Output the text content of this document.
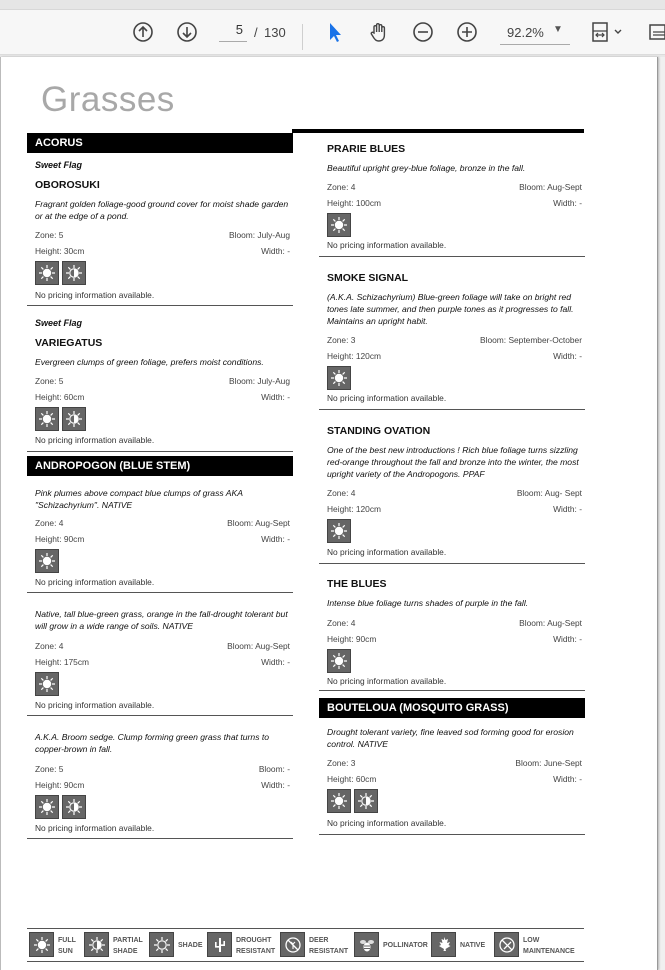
5 / 130	92.2% ▼
Grasses
ACORUS
Sweet Flag
OBOROSUKI
Fragrant golden foliage-good ground cover for moist shade garden or at the edge of a pond.
Zone: 5	Bloom: July-Aug
Height: 30cm	Width: -
No pricing information available.
Sweet Flag
VARIEGATUS
Evergreen clumps of green foliage, prefers moist conditions.
Zone: 5	Bloom: July-Aug
Height: 60cm	Width: -
No pricing information available.
ANDROPOGON (BLUE STEM)
Pink plumes above compact blue clumps of grass AKA "Schizachyrium". NATIVE
Zone: 4	Bloom: Aug-Sept
Height: 90cm	Width: -
No pricing information available.
Native, tall blue-green grass, orange in the fall-drought tolerant but will grow in a wide range of soils. NATIVE
Zone: 4	Bloom: Aug-Sept
Height: 175cm	Width: -
No pricing information available.
A.K.A. Broom sedge. Clump forming green grass that turns to copper-brown in fall.
Zone: 5	Bloom: -
Height: 90cm	Width: -
No pricing information available.
PRARIE BLUES
Beautiful upright grey-blue foliage, bronze in the fall.
Zone: 4	Bloom: Aug-Sept
Height: 100cm	Width: -
No pricing information available.
SMOKE SIGNAL
(A.K.A. Schizachyrium) Blue-green foliage will take on bright red tones late summer, and then purple tones as it progresses to fall. Maintains an upright habit.
Zone: 3	Bloom: September-October
Height: 120cm	Width: -
No pricing information available.
STANDING OVATION
One of the best new introductions ! Rich blue foliage turns sizzling red-orange throughout the fall and bronze into the winter, the most upright variety of the Andropogons. PPAF
Zone: 4	Bloom: Aug- Sept
Height: 120cm	Width: -
No pricing information available.
THE BLUES
Intense blue foliage turns shades of purple in the fall.
Zone: 4	Bloom: Aug-Sept
Height: 90cm	Width: -
No pricing information available.
BOUTELOUA (MOSQUITO GRASS)
Drought tolerant variety, fine leaved sod forming good for erosion control. NATIVE
Zone: 3	Bloom: June-Sept
Height: 60cm	Width: -
No pricing information available.
FULL
SUN
PARTIAL
SHADE
SHADE
DROUGHT
RESISTANT
DEER
RESISTANT
POLLINATOR	NATIVE
LOW
MAINTENANCE
